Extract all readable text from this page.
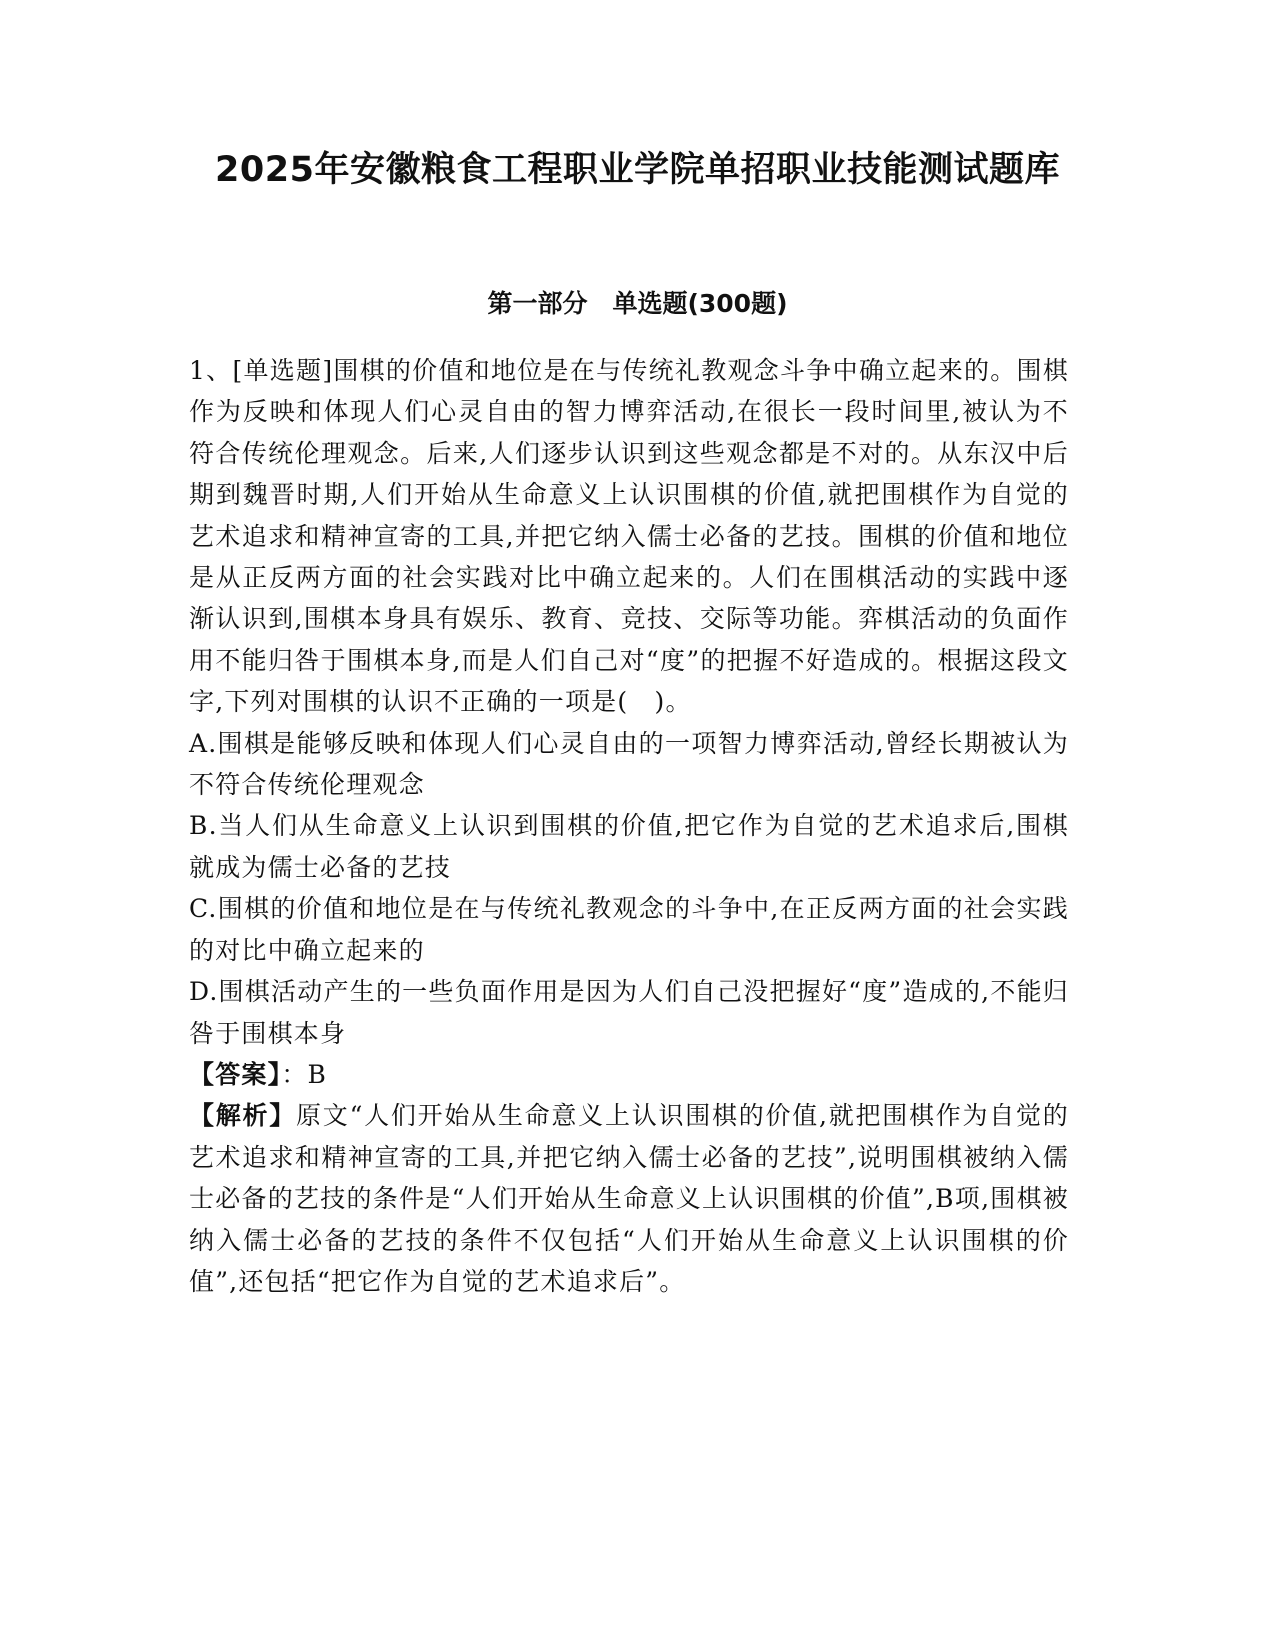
2025年安徽粮食工程职业学院单招职业技能测试题库
第一部分　单选题(300题)

1、[单选题]围棋的价值和地位是在与传统礼教观念斗争中确立起来的。围棋作为反映和体现人们心灵自由的智力博弈活动,在很长一段时间里,被认为不符合传统伦理观念。后来,人们逐步认识到这些观念都是不对的。从东汉中后期到魏晋时期,人们开始从生命意义上认识围棋的价值,就把围棋作为自觉的艺术追求和精神宣寄的工具,并把它纳入儒士必备的艺技。围棋的价值和地位是从正反两方面的社会实践对比中确立起来的。人们在围棋活动的实践中逐渐认识到,围棋本身具有娱乐、教育、竞技、交际等功能。弈棋活动的负面作用不能归咎于围棋本身,而是人们自己对“度”的把握不好造成的。根据这段文字,下列对围棋的认识不正确的一项是(　)。

A.围棋是能够反映和体现人们心灵自由的一项智力博弈活动,曾经长期被认为不符合传统伦理观念

B.当人们从生命意义上认识到围棋的价值,把它作为自觉的艺术追求后,围棋就成为儒士必备的艺技

C.围棋的价值和地位是在与传统礼教观念的斗争中,在正反两方面的社会实践的对比中确立起来的

D.围棋活动产生的一些负面作用是因为人们自己没把握好“度”造成的,不能归咎于围棋本身

【答案】：B

【解析】原文“人们开始从生命意义上认识围棋的价值,就把围棋作为自觉的艺术追求和精神宣寄的工具,并把它纳入儒士必备的艺技”,说明围棋被纳入儒士必备的艺技的条件是“人们开始从生命意义上认识围棋的价值”,B项,围棋被纳入儒士必备的艺技的条件不仅包括“人们开始从生命意义上认识围棋的价值”,还包括“把它作为自觉的艺术追求后”。
